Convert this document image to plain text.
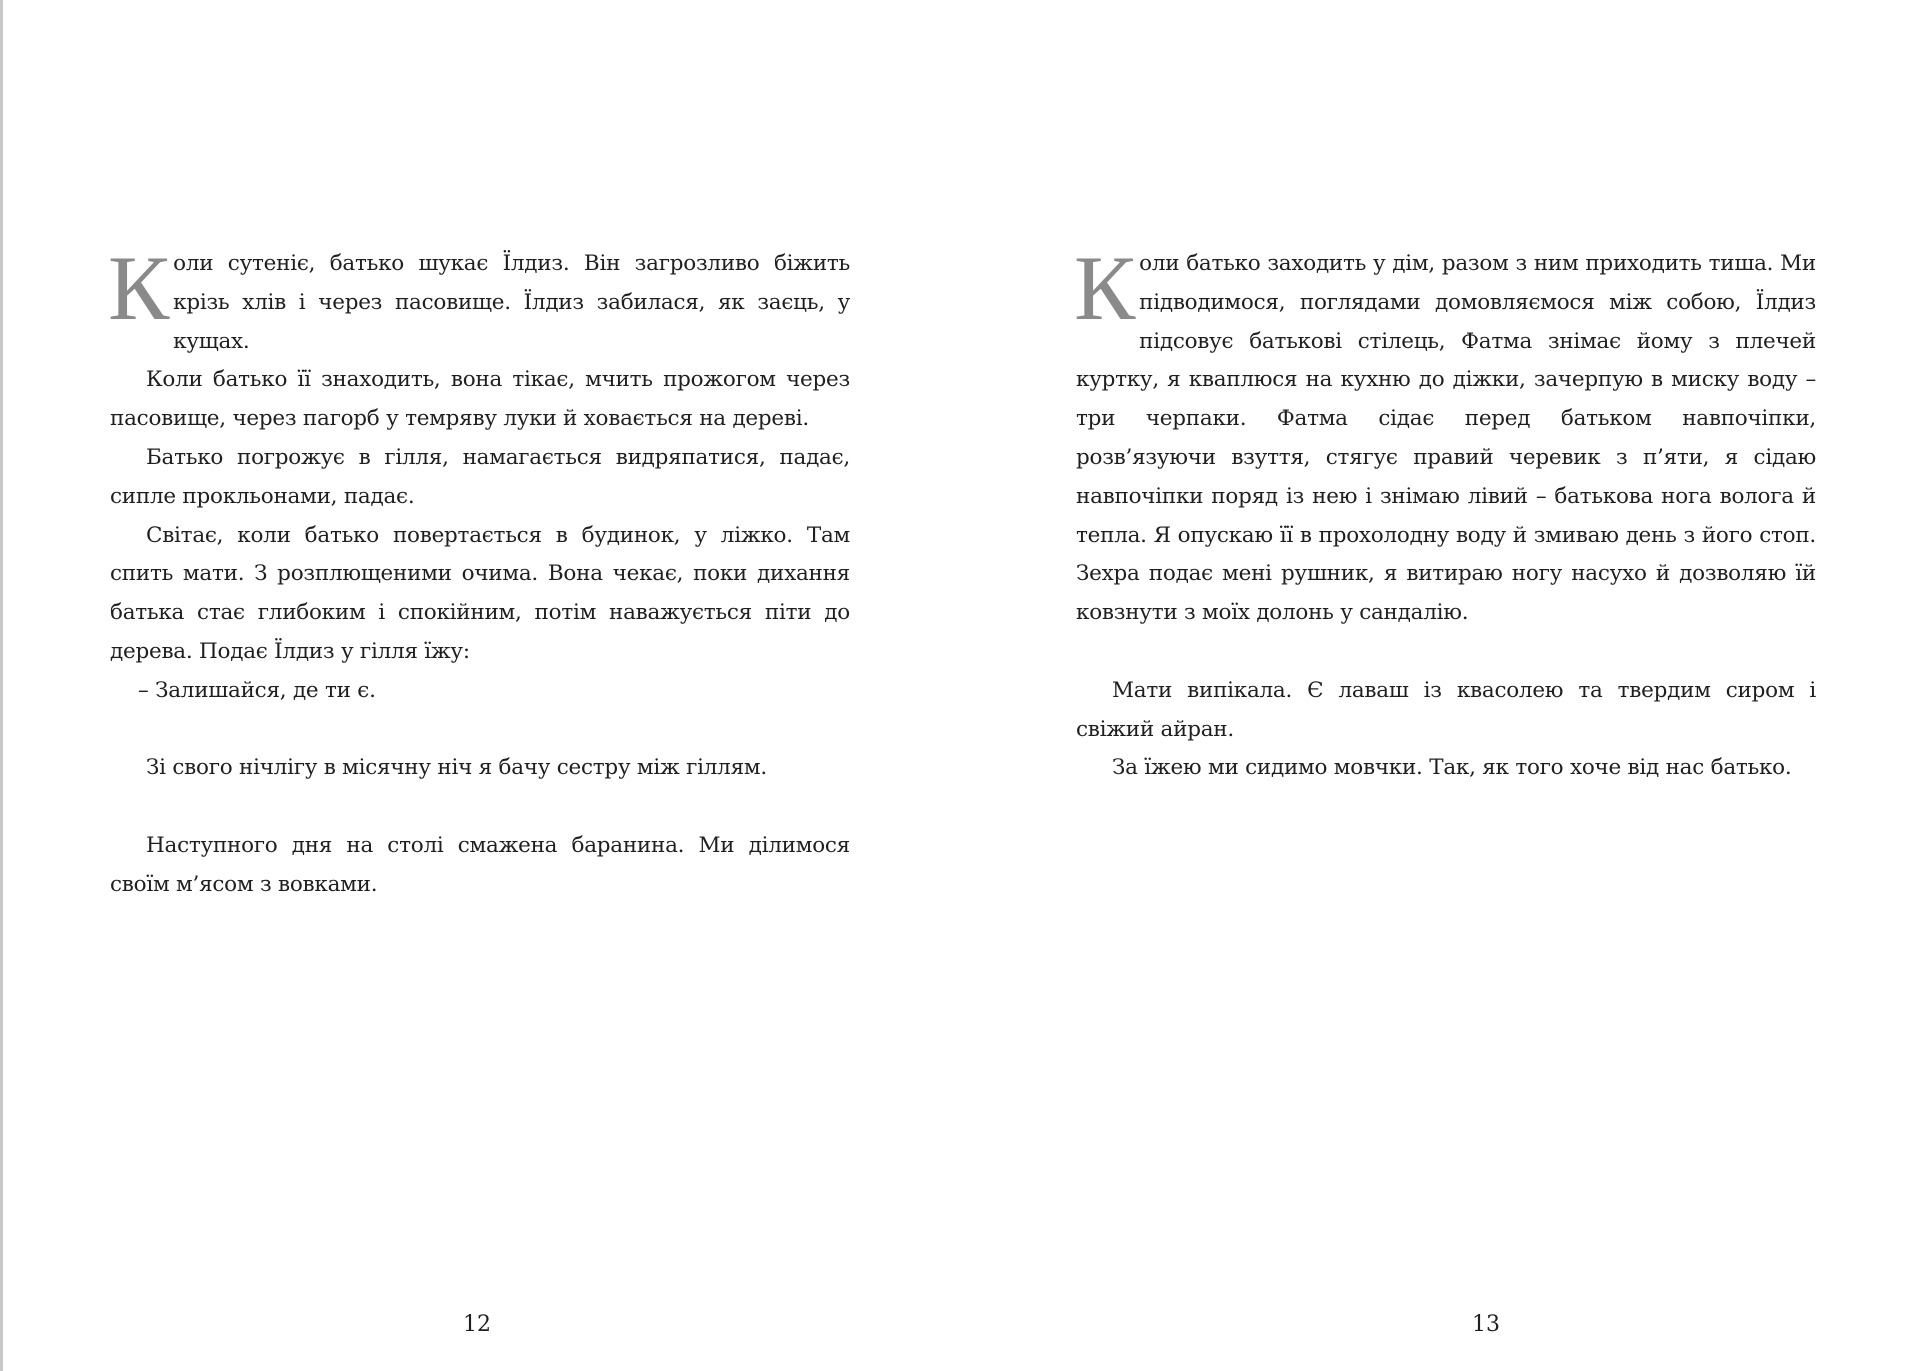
Коли сутеніє, батько шукає Їлдиз. Він загрозливо біжить крізь хлів і через пасовище. Їлдиз забилася, як заєць, у кущах.

Коли батько її знаходить, вона тікає, мчить прожогом через пасовище, через пагорб у темряву луки й ховається на дереві.

Батько погрожує в гілля, намагається видряпатися, падає, сипле прокльонами, падає.

Світає, коли батько повертається в будинок, у ліжко. Там спить мати. З розплющеними очима. Вона чекає, поки дихання батька стає глибоким і спокійним, потім наважується піти до дерева. Подає Їлдиз у гілля їжу:

– Залишайся, де ти є.

Зі свого нічлігу в місячну ніч я бачу сестру між гіллям.

Наступного дня на столі смажена баранина. Ми ділимося своїм м’ясом з вовками.

12

Коли батько заходить у дім, разом з ним приходить тиша. Ми підводимося, поглядами домовляємося між собою, Їлдиз підсовує батькові стілець, Фатма знімає йому з плечей куртку, я кваплюся на кухню до діжки, зачерпую в миску воду – три черпаки. Фатма сідає перед батьком навпочіпки, розв’язуючи взуття, стягує правий черевик з п’яти, я сідаю навпочіпки поряд із нею і знімаю лівий – батькова нога волога й тепла. Я опускаю її в прохолодну воду й змиваю день з його стоп. Зехра подає мені рушник, я витираю ногу насухо й дозволяю їй ковзнути з моїх долонь у сандалію.

Мати випікала. Є лаваш із квасолею та твердим сиром і свіжий айран.

За їжею ми сидимо мовчки. Так, як того хоче від нас батько.

13
